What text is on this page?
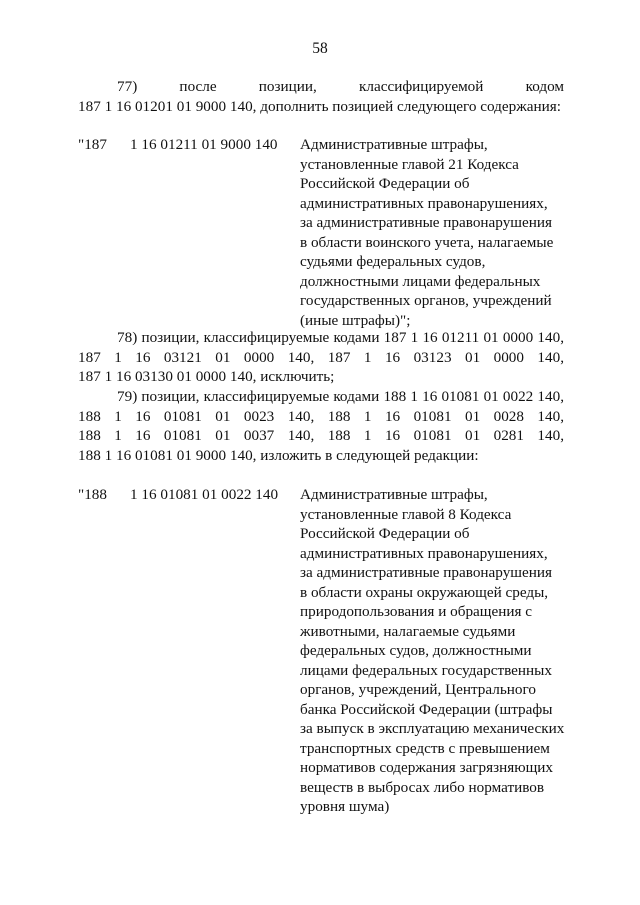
58
77) после позиции, классифицируемой кодом
187 1 16 01201 01 9000 140, дополнить позицией следующего содержания:
"187 1 16 01211 01 9000 140 Административные штрафы,
установленные главой 21 Кодекса
Российской Федерации об
административных правонарушениях,
за административные правонарушения
в области воинского учета, налагаемые
судьями федеральных судов,
должностными лицами федеральных
государственных органов, учреждений
(иные штрафы)";
78) позиции, классифицируемые кодами 187 1 16 01211 01 0000 140,
187 1 16 03121 01 0000 140, 187 1 16 03123 01 0000 140,
187 1 16 03130 01 0000 140, исключить;
79) позиции, классифицируемые кодами 188 1 16 01081 01 0022 140,
188 1 16 01081 01 0023 140, 188 1 16 01081 01 0028 140,
188 1 16 01081 01 0037 140, 188 1 16 01081 01 0281 140,
188 1 16 01081 01 9000 140, изложить в следующей редакции:
"188 1 16 01081 01 0022 140 Административные штрафы,
установленные главой 8 Кодекса
Российской Федерации об
административных правонарушениях,
за административные правонарушения
в области охраны окружающей среды,
природопользования и обращения с
животными, налагаемые судьями
федеральных судов, должностными
лицами федеральных государственных
органов, учреждений, Центрального
банка Российской Федерации (штрафы
за выпуск в эксплуатацию механических
транспортных средств с превышением
нормативов содержания загрязняющих
веществ в выбросах либо нормативов
уровня шума)
